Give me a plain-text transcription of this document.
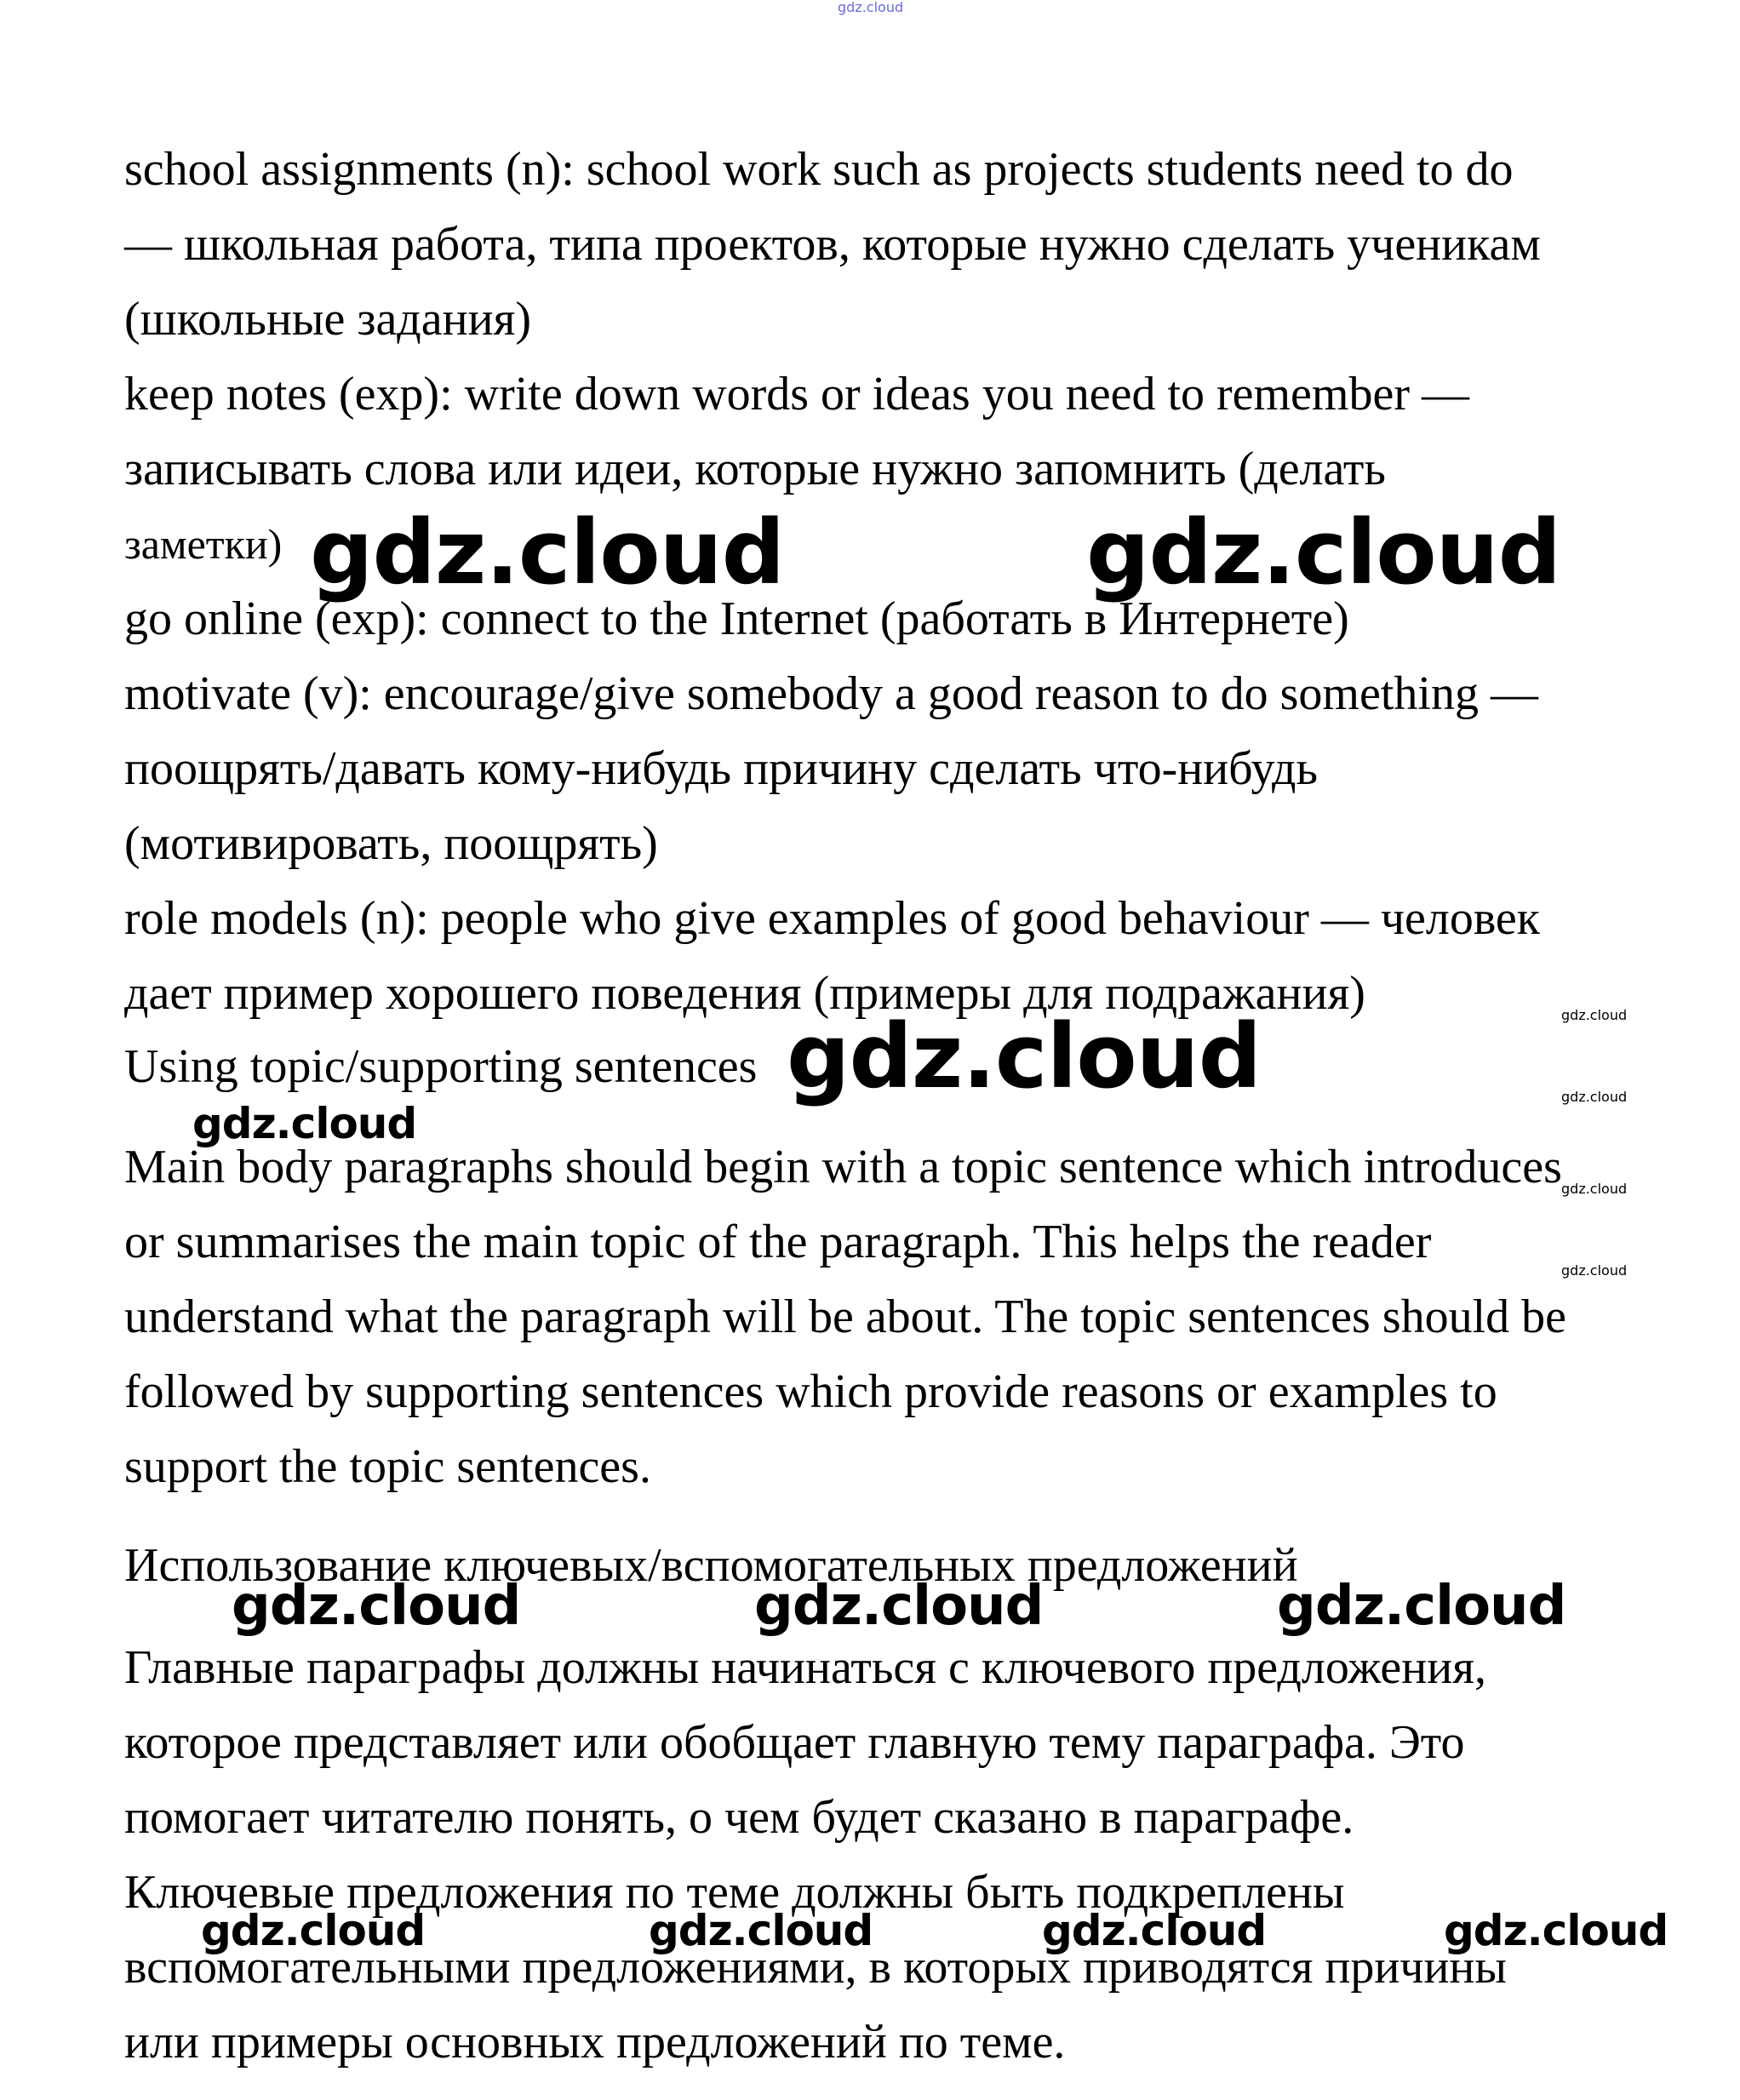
gdz.cloud

school assignments (n): school work such as projects students need to do

— школьная работа, типа проектов, которые нужно сделать ученикам

(школьные задания)

keep notes (exp): write down words or ideas you need to remember —

записывать слова или идеи, которые нужно запомнить (делать

заметки)

go online (exp): connect to the Internet (работать в Интернете)

motivate (v): encourage/give somebody a good reason to do something —

поощрять/давать кому-нибудь причину сделать что-нибудь

(мотивировать, поощрять)

role models (n): people who give examples of good behaviour — человек

дает пример хорошего поведения (примеры для подражания)

Using topic/supporting sentences

Main body paragraphs should begin with a topic sentence which introduces

or summarises the main topic of the paragraph. This helps the reader

understand what the paragraph will be about. The topic sentences should be

followed by supporting sentences which provide reasons or examples to

support the topic sentences.

Использование ключевых/вспомогательных предложений

Главные параграфы должны начинаться с ключевого предложения,

которое представляет или обобщает главную тему параграфа. Это

помогает читателю понять, о чем будет сказано в параграфе.

Ключевые предложения по теме должны быть подкреплены

вспомогательными предложениями, в которых приводятся причины

или примеры основных предложений по теме.

gdz.cloud	gdz.cloud
gdz.cloud
gdz.cloud
gdz.cloud
gdz.cloud
gdz.cloud
gdz.cloud
gdz.cloud	gdz.cloud	gdz.cloud
gdz.cloud	gdz.cloud	gdz.cloud	gdz.cloud
